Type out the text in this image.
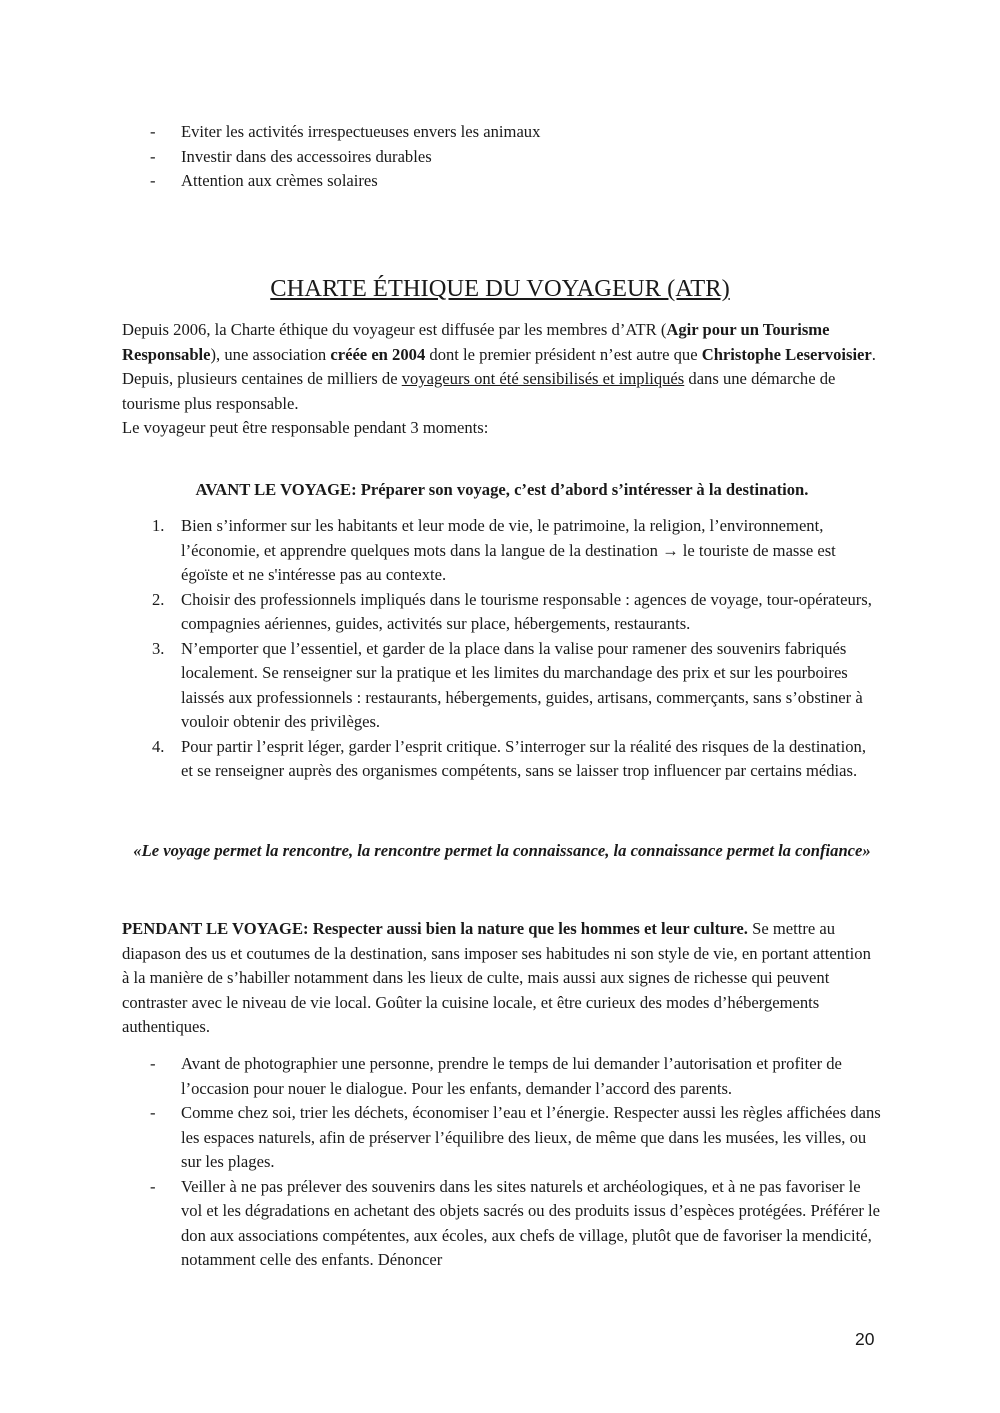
- Eviter les activités irrespectueuses envers les animaux
- Investir dans des accessoires durables
- Attention aux crèmes solaires
CHARTE ÉTHIQUE DU VOYAGEUR (ATR)

Depuis 2006, la Charte éthique du voyageur est diffusée par les membres d’ATR (Agir pour un Tourisme Responsable), une association créée en 2004 dont le premier président n’est autre que Christophe Leservoisier.

Depuis, plusieurs centaines de milliers de voyageurs ont été sensibilisés et impliqués dans une démarche de tourisme plus responsable.

Le voyageur peut être responsable pendant 3 moments:

AVANT LE VOYAGE: Préparer son voyage, c’est d’abord s’intéresser à la destination.
1. Bien s’informer sur les habitants et leur mode de vie, le patrimoine, la religion, l’environnement, l’économie, et apprendre quelques mots dans la langue de la destination → le touriste de masse est égoïste et ne s'intéresse pas au contexte.
2. Choisir des professionnels impliqués dans le tourisme responsable : agences de voyage, tour-opérateurs, compagnies aériennes, guides, activités sur place, hébergements, restaurants.
3. N’emporter que l’essentiel, et garder de la place dans la valise pour ramener des souvenirs fabriqués localement. Se renseigner sur la pratique et les limites du marchandage des prix et sur les pourboires laissés aux professionnels : restaurants, hébergements, guides, artisans, commerçants, sans s’obstiner à vouloir obtenir des privilèges.
4. Pour partir l’esprit léger, garder l’esprit critique. S’interroger sur la réalité des risques de la destination, et se renseigner auprès des organismes compétents, sans se laisser trop influencer par certains médias.
«Le voyage permet la rencontre, la rencontre permet la connaissance, la connaissance permet la confiance»
PENDANT LE VOYAGE: Respecter aussi bien la nature que les hommes et leur culture. Se mettre au diapason des us et coutumes de la destination, sans imposer ses habitudes ni son style de vie, en portant attention à la manière de s’habiller notamment dans les lieux de culte, mais aussi aux signes de richesse qui peuvent contraster avec le niveau de vie local. Goûter la cuisine locale, et être curieux des modes d’hébergements authentiques.
- Avant de photographier une personne, prendre le temps de lui demander l’autorisation et profiter de l’occasion pour nouer le dialogue. Pour les enfants, demander l’accord des parents.
- Comme chez soi, trier les déchets, économiser l’eau et l’énergie. Respecter aussi les règles affichées dans les espaces naturels, afin de préserver l’équilibre des lieux, de même que dans les musées, les villes, ou sur les plages.
- Veiller à ne pas prélever des souvenirs dans les sites naturels et archéologiques, et à ne pas favoriser le vol et les dégradations en achetant des objets sacrés ou des produits issus d’espèces protégées. Préférer le don aux associations compétentes, aux écoles, aux chefs de village, plutôt que de favoriser la mendicité, notamment celle des enfants. Dénoncer
20
